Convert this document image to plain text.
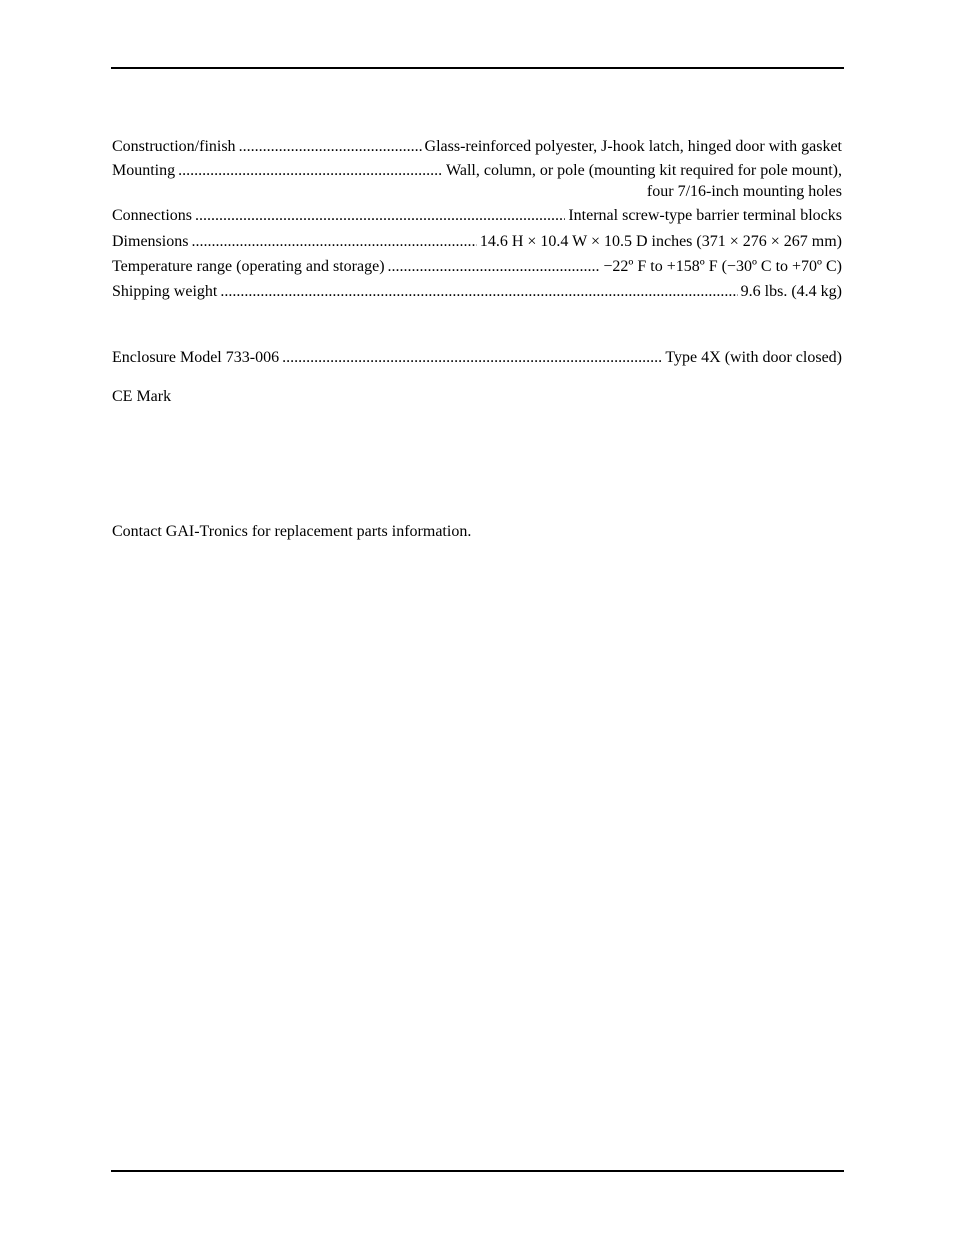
Construction/finish .....	Glass-reinforced polyester, J-hook latch, hinged door with gasket
Mounting .....	Wall, column, or pole (mounting kit required for pole mount),
four 7/16-inch mounting holes
Connections .....	Internal screw-type barrier terminal blocks
Dimensions .....	14.6 H × 10.4 W × 10.5 D inches (371 × 276 × 267 mm)
Temperature range (operating and storage) .....	−22º F to +158º F (−30º C to +70º C)
Shipping weight .....	9.6 lbs. (4.4 kg)
Enclosure Model 733-006 .....	Type 4X (with door closed)
CE Mark
Contact GAI-Tronics for replacement parts information.
